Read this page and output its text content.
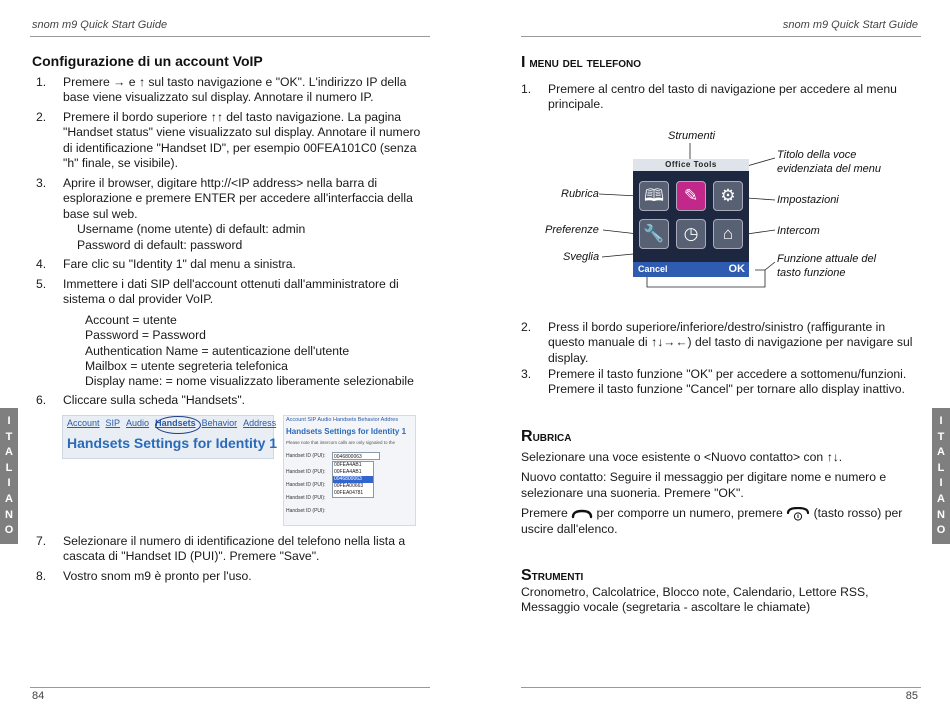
snom m9 Quick Start Guide
Configurazione di un account VoIP
1. Premere → e ↑ sul tasto navigazione e "OK". L'indirizzo IP della
base viene visualizzato sul display. Annotare il numero IP.
2. Premere il bordo superiore ↑↑ del tasto navigazione. La pagina
"Handset status" viene visualizzato sul display. Annotare il numero
di identificazione "Handset ID", per esempio 00FEA101C0 (senza
"h" finale, se visibile).
3. Aprire il browser, digitare http://<IP address> nella barra di
esplorazione e premere ENTER per accedere all'interfaccia della
base sul web.
Username (nome utente) di default: admin
Password di default: password
4. Fare clic su "Identity 1" dal menu a sinistra.
5. Immettere i dati SIP dell'account ottenuti dall'amministratore di
sistema o dal provider VoIP.
Account = utente
Password = Password
Authentication Name = autenticazione dell'utente
Mailbox = utente segreteria telefonica
Display name: = nome visualizzato liberamente selezionabile
6. Cliccare sulla scheda "Handsets".
Account SIP Audio Handsets Behavior Address
Handsets Settings for Identity 1
Account SIP Audio Handsets Behavior Addres
Handsets Settings for Identity 1
Please note that intercom calls are only signaled to the
Handset ID (PUI):
Handset ID (PUI):
Handset ID (PUI):
Handset ID (PUI):
Handset ID (PUI):
0046800063
00FEA4AB1
00FEA4AB1
0046800063
00FEA00663
00FEA04781
7. Selezionare il numero di identificazione del telefono nella lista a
cascata di "Handset ID (PUI)". Premere "Save".
8. Vostro snom m9 è pronto per l'uso.
I
T
A
L
I
A
N
O
84
snom m9 Quick Start Guide
I menu del telefono
1. Premere al centro del tasto di navigazione per accedere al menu
principale.
Strumenti
Titolo della voce
evidenziata del menu
Rubrica	Impostazioni
Preferenze	Intercom
Sveglia	Funzione attuale del
tasto funzione
Office Tools
🕮	✎	⚙
🔧	◷	⌂
Cancel	OK
2. Press il bordo superiore/inferiore/destro/sinistro (raffigurante in
questo manuale di ↑↓→←) del tasto di navigazione per navigare sul
display.
3. Premere il tasto funzione "OK" per accedere a sottomenu/funzioni.
Premere il tasto funzione "Cancel" per tornare allo display inattivo.
Rubrica
Selezionare una voce esistente o <Nuovo contatto> con ↑↓.
Nuovo contatto: Seguire il messaggio per digitare nome e numero e
selezionare una suoneria. Premere "OK".
Premere per comporre un numero, premere	(tasto rosso) per
uscire dall'elenco.
Strumenti
Cronometro, Calcolatrice, Blocco note, Calendario, Lettore RSS,
Messaggio vocale (segretaria - ascoltare le chiamate)
I
T
A
L
I
A
N
O
85
